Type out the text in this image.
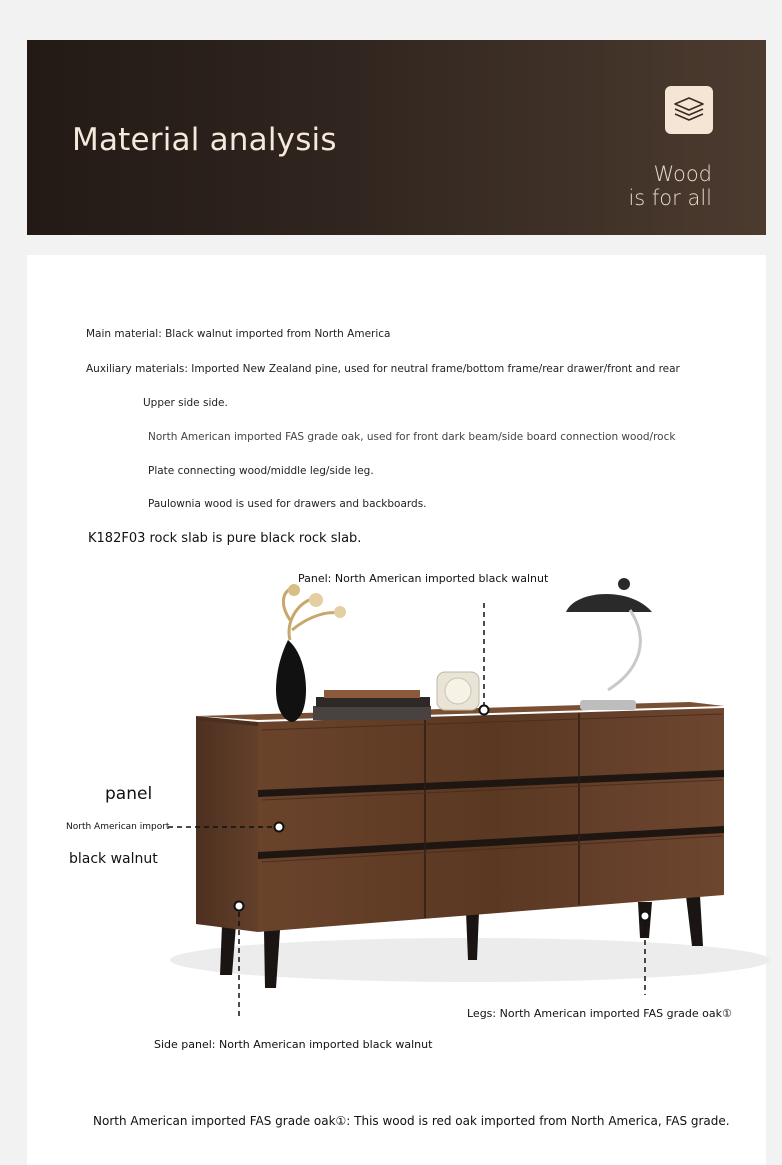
Material analysis
Wood
is for all
Main material: Black walnut imported from North America
Auxiliary materials: Imported New Zealand pine, used for neutral frame/bottom frame/rear drawer/front and rear
Upper side side.
North American imported FAS grade oak, used for front dark beam/side board connection wood/rock
Plate connecting wood/middle leg/side leg.
Paulownia wood is used for drawers and backboards.
K182F03 rock slab is pure black rock slab.
Panel: North American imported black walnut
panel
North American import
black walnut
Legs: North American imported FAS grade oak①
Side panel: North American imported black walnut
North American imported FAS grade oak①: This wood is red oak imported from North America, FAS grade.
